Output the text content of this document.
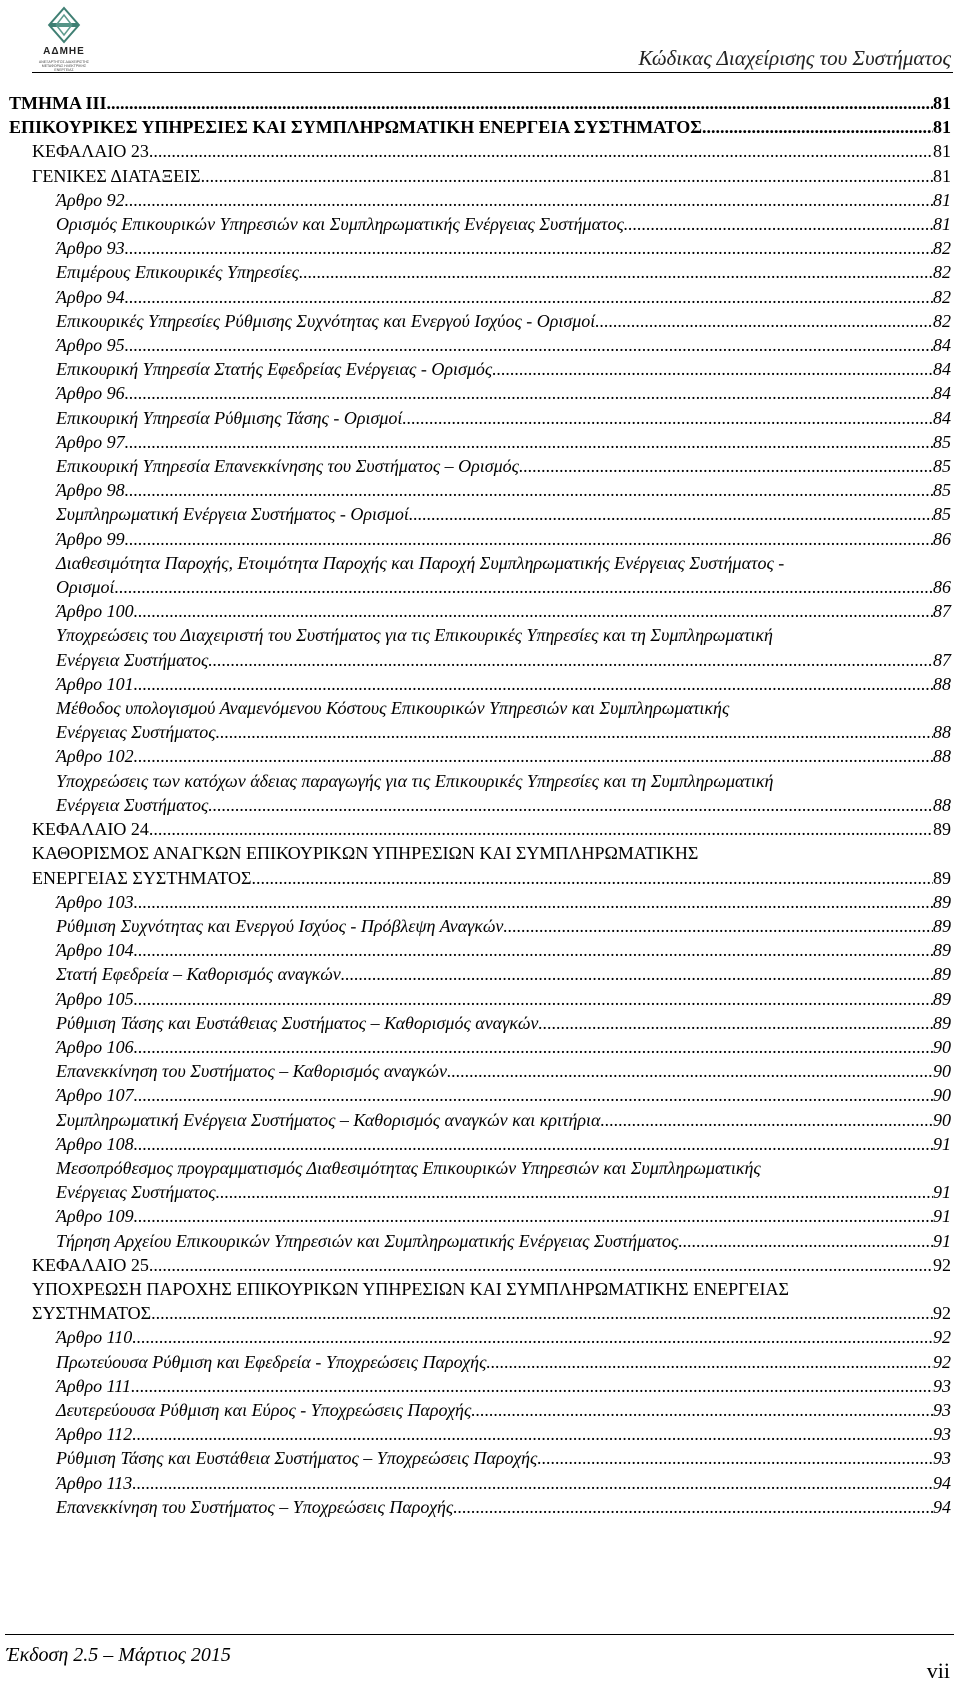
ΑΔΜΗΕ
ΑΝΕΞΑΡΤΗΤΟΣ ΔΙΑΧΕΙΡΙΣΤΗΣ ΜΕΤΑΦΟΡΑΣ ΗΛΕΚΤΡΙΚΗΣ ΕΝΕΡΓΕΙΑΣ	Κώδικας Διαχείρισης του Συστήματος
ΤΜΗΜΑ ΙΙΙ .....	81
ΕΠΙΚΟΥΡΙΚΕΣ ΥΠΗΡΕΣΙΕΣ ΚΑΙ ΣΥΜΠΛΗΡΩΜΑΤΙΚΗ ΕΝΕΡΓΕΙΑ ΣΥΣΤΗΜΑΤΟΣ .....	81
ΚΕΦΑΛΑΙΟ 23 .....	81
ΓΕΝΙΚΕΣ ΔΙΑΤΑΞΕΙΣ .....	81
Άρθρο 92 .....	81
Ορισμός Επικουρικών Υπηρεσιών και Συμπληρωματικής Ενέργειας Συστήματος .....	81
Άρθρο 93 .....	82
Επιμέρους Επικουρικές Υπηρεσίες .....	82
Άρθρο 94 .....	82
Επικουρικές Υπηρεσίες Ρύθμισης Συχνότητας και Ενεργού Ισχύος - Ορισμοί .....	82
Άρθρο 95 .....	84
Επικουρική Υπηρεσία Στατής Εφεδρείας Ενέργειας - Ορισμός .....	84
Άρθρο 96 .....	84
Επικουρική Υπηρεσία Ρύθμισης Τάσης - Ορισμοί .....	84
Άρθρο 97 .....	85
Επικουρική Υπηρεσία Επανεκκίνησης του Συστήματος – Ορισμός .....	85
Άρθρο 98 .....	85
Συμπληρωματική Ενέργεια Συστήματος - Ορισμοί .....	85
Άρθρο 99 .....	86
Διαθεσιμότητα Παροχής, Ετοιμότητα Παροχής και Παροχή Συμπληρωματικής Ενέργειας Συστήματος -
Ορισμοί .....	86
Άρθρο 100 .....	87
Υποχρεώσεις του Διαχειριστή του Συστήματος για τις Επικουρικές Υπηρεσίες και τη Συμπληρωματική
Ενέργεια Συστήματος .....	87
Άρθρο 101 .....	88
Μέθοδος υπολογισμού Αναμενόμενου Κόστους Επικουρικών Υπηρεσιών και Συμπληρωματικής
Ενέργειας Συστήματος .....	88
Άρθρο 102 .....	88
Υποχρεώσεις των κατόχων άδειας παραγωγής για τις Επικουρικές Υπηρεσίες και τη Συμπληρωματική
Ενέργεια Συστήματος .....	88
ΚΕΦΑΛΑΙΟ 24 .....	89
ΚΑΘΟΡΙΣΜΟΣ ΑΝΑΓΚΩΝ ΕΠΙΚΟΥΡΙΚΩΝ ΥΠΗΡΕΣΙΩΝ ΚΑΙ ΣΥΜΠΛΗΡΩΜΑΤΙΚΗΣ
ΕΝΕΡΓΕΙΑΣ ΣΥΣΤΗΜΑΤΟΣ .....	89
Άρθρο 103 .....	89
Ρύθμιση Συχνότητας και Ενεργού Ισχύος - Πρόβλεψη Αναγκών .....	89
Άρθρο 104 .....	89
Στατή Εφεδρεία – Καθορισμός αναγκών .....	89
Άρθρο 105 .....	89
Ρύθμιση Τάσης και Ευστάθειας Συστήματος – Καθορισμός αναγκών .....	89
Άρθρο 106 .....	90
Επανεκκίνηση του Συστήματος – Καθορισμός αναγκών .....	90
Άρθρο 107 .....	90
Συμπληρωματική Ενέργεια Συστήματος – Καθορισμός αναγκών και κριτήρια .....	90
Άρθρο 108 .....	91
Μεσοπρόθεσμος προγραμματισμός Διαθεσιμότητας Επικουρικών Υπηρεσιών και Συμπληρωματικής
Ενέργειας Συστήματος .....	91
Άρθρο 109 .....	91
Τήρηση Αρχείου Επικουρικών Υπηρεσιών και Συμπληρωματικής Ενέργειας Συστήματος .....	91
ΚΕΦΑΛΑΙΟ 25 .....	92
ΥΠΟΧΡΕΩΣΗ ΠΑΡΟΧΗΣ ΕΠΙΚΟΥΡΙΚΩΝ ΥΠΗΡΕΣΙΩΝ ΚΑΙ ΣΥΜΠΛΗΡΩΜΑΤΙΚΗΣ ΕΝΕΡΓΕΙΑΣ
ΣΥΣΤΗΜΑΤΟΣ .....	92
Άρθρο 110 .....	92
Πρωτεύουσα Ρύθμιση και Εφεδρεία - Υποχρεώσεις Παροχής .....	92
Άρθρο 111 .....	93
Δευτερεύουσα Ρύθμιση και Εύρος - Υποχρεώσεις Παροχής .....	93
Άρθρο 112 .....	93
Ρύθμιση Τάσης και Ευστάθεια Συστήματος – Υποχρεώσεις Παροχής .....	93
Άρθρο 113 .....	94
Επανεκκίνηση του Συστήματος – Υποχρεώσεις Παροχής .....	94
Έκδοση 2.5 – Μάρτιος 2015
vii
